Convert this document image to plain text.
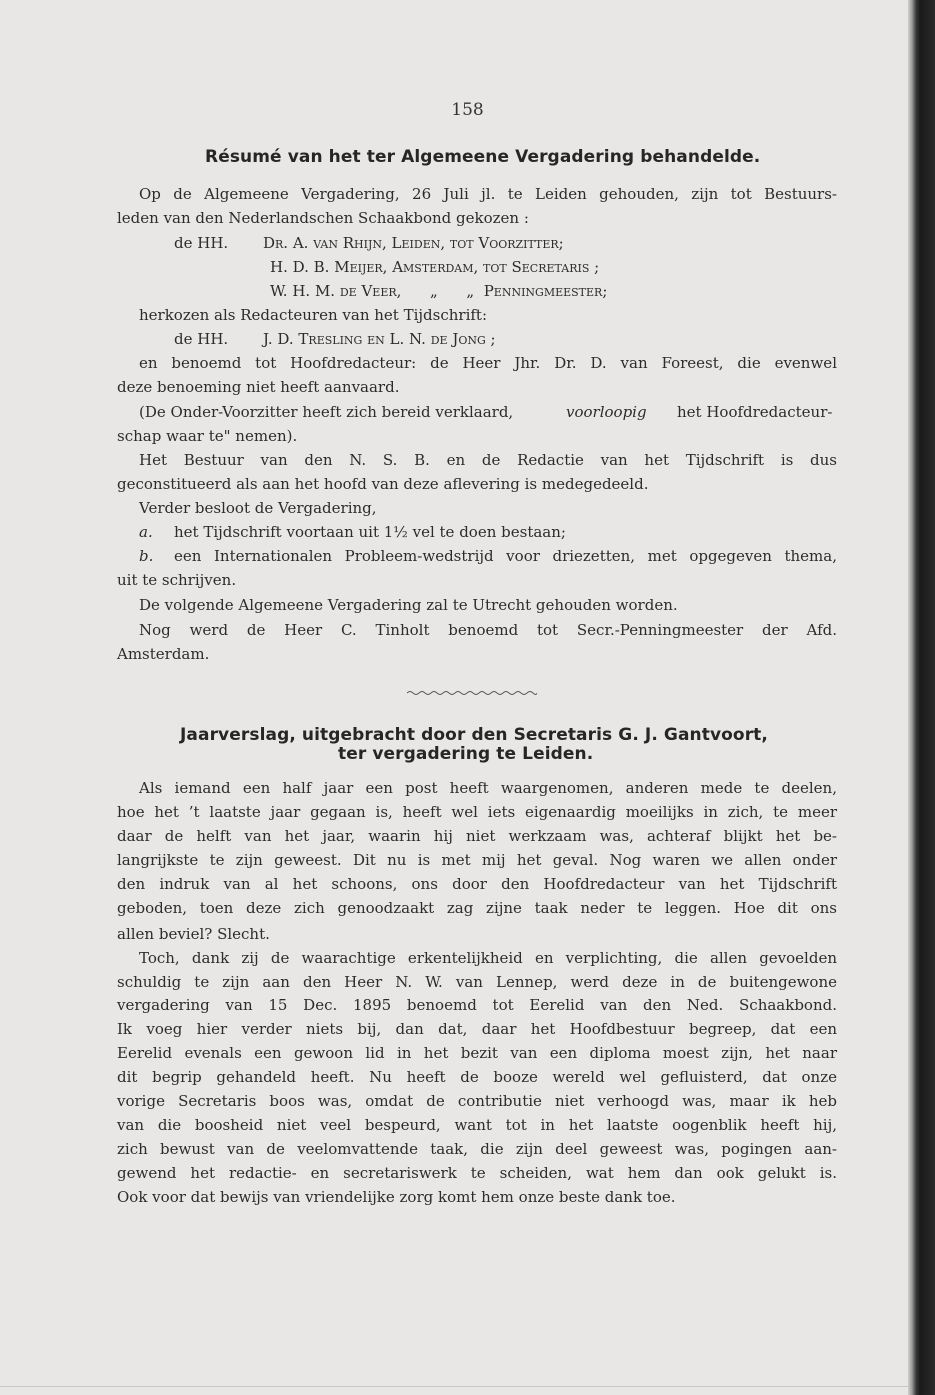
158
Résumé van het ter Algemeene Vergadering behandelde.
Op de Algemeene Vergadering, 26 Juli jl. te Leiden gehouden, zijn tot Bestuurs-
leden van den Nederlandschen Schaakbond gekozen :
de HH. Dr. A. van Rhijn, Leiden, tot Voorzitter;
H. D. B. Meijer, Amsterdam, tot Secretaris ;
W. H. M. de Veer,      „      „  Penningmeester;
herkozen als Redacteuren van het Tijdschrift:
de HH. J. D. Tresling en L. N. de Jong ;
en benoemd tot Hoofdredacteur: de Heer Jhr. Dr. D. van Foreest, die evenwel
deze benoeming niet heeft aanvaard.
(De Onder-Voorzitter heeft zich bereid verklaard,	voorloopig het Hoofdredacteur-
schap waar te" nemen).
Het Bestuur van den N. S. B. en de Redactie van het Tijdschrift is dus
geconstitueerd als aan het hoofd van deze aflevering is medegedeeld.
Verder besloot de Vergadering,
a. het Tijdschrift voortaan uit 1½ vel te doen bestaan;
b. een Internationalen Probleem-wedstrijd voor driezetten, met opgegeven thema,
uit te schrijven.
De volgende Algemeene Vergadering zal te Utrecht gehouden worden.
Nog werd de Heer C. Tinholt benoemd tot Secr.-Penningmeester der Afd.
Amsterdam.
Jaarverslag, uitgebracht door den Secretaris G. J. Gantvoort,
ter vergadering te Leiden.
Als iemand een half jaar een post heeft waargenomen, anderen mede te deelen,
hoe het ’t laatste jaar gegaan is, heeft wel iets eigenaardig moeilijks in zich, te meer
daar de helft van het jaar, waarin hij niet werkzaam was, achteraf blijkt het be-
langrijkste te zijn geweest. Dit nu is met mij het geval. Nog waren we allen onder
den indruk van al het schoons, ons door den Hoofdredacteur van het Tijdschrift
geboden, toen deze zich genoodzaakt zag zijne taak neder te leggen. Hoe dit ons
allen beviel? Slecht.
Toch, dank zij de waarachtige erkentelijkheid en verplichting, die allen gevoelden
schuldig te zijn aan den Heer N. W. van Lennep, werd deze in de buitengewone
vergadering van 15 Dec. 1895 benoemd tot Eerelid van den Ned. Schaakbond.
Ik voeg hier verder niets bij, dan dat, daar het Hoofdbestuur begreep, dat een
Eerelid evenals een gewoon lid in het bezit van een diploma moest zijn, het naar
dit begrip gehandeld heeft. Nu heeft de booze wereld wel gefluisterd, dat onze
vorige Secretaris boos was, omdat de contributie niet verhoogd was, maar ik heb
van die boosheid niet veel bespeurd, want tot in het laatste oogenblik heeft hij,
zich bewust van de veelomvattende taak, die zijn deel geweest was, pogingen aan-
gewend het redactie- en secretariswerk te scheiden, wat hem dan ook gelukt is.
Ook voor dat bewijs van vriendelijke zorg komt hem onze beste dank toe.
